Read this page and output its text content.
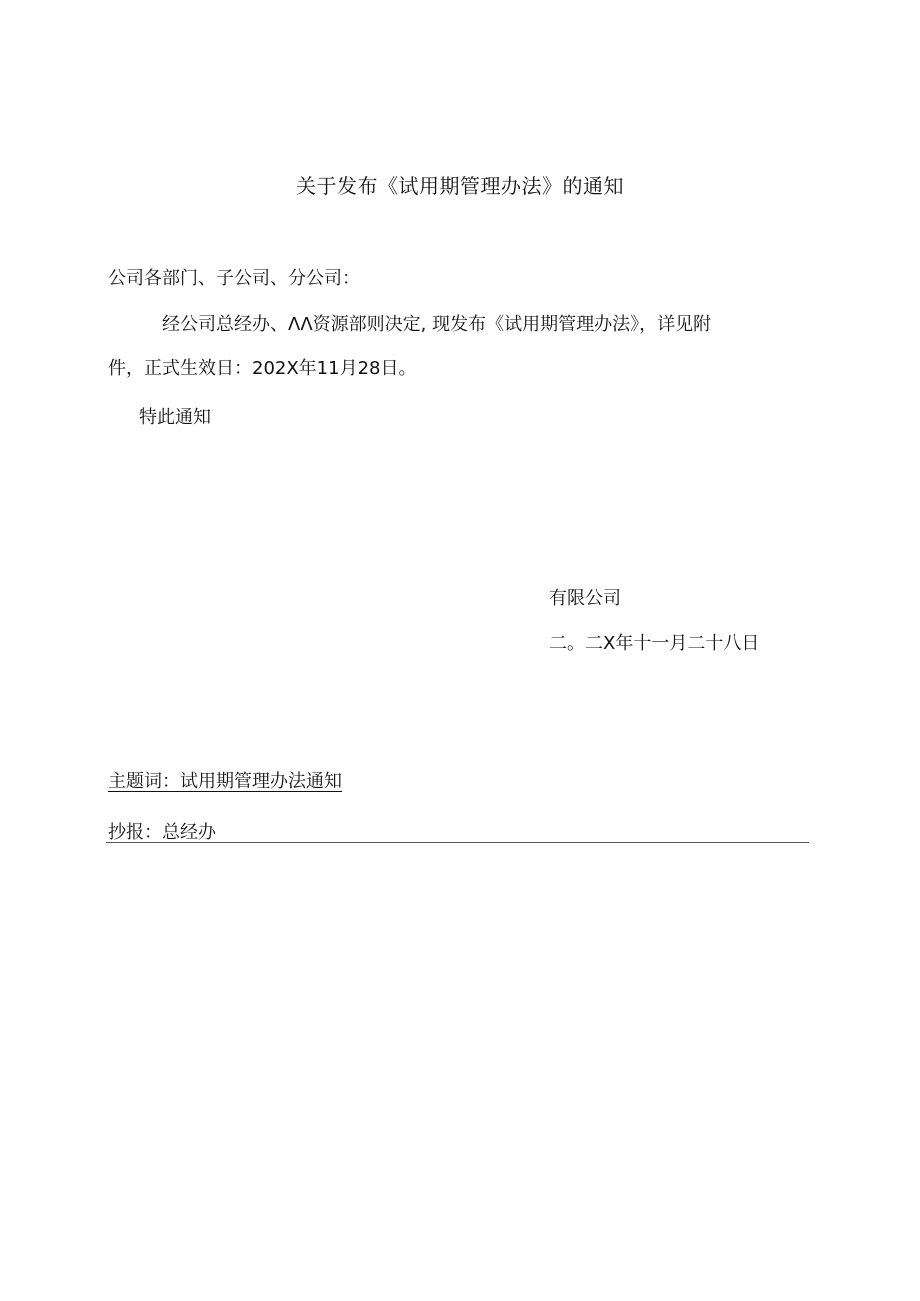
关于发布《试用期管理办法》的通知
公司各部门、子公司、分公司：
经公司总经办、ΛΛ资源部则决定, 现发布《试用期管理办法》，详见附
件，正式生效日：202X年11月28日。
特此通知
有限公司
二。二X年十一月二十八日
主题词：试用期管理办法通知
抄报：总经办
